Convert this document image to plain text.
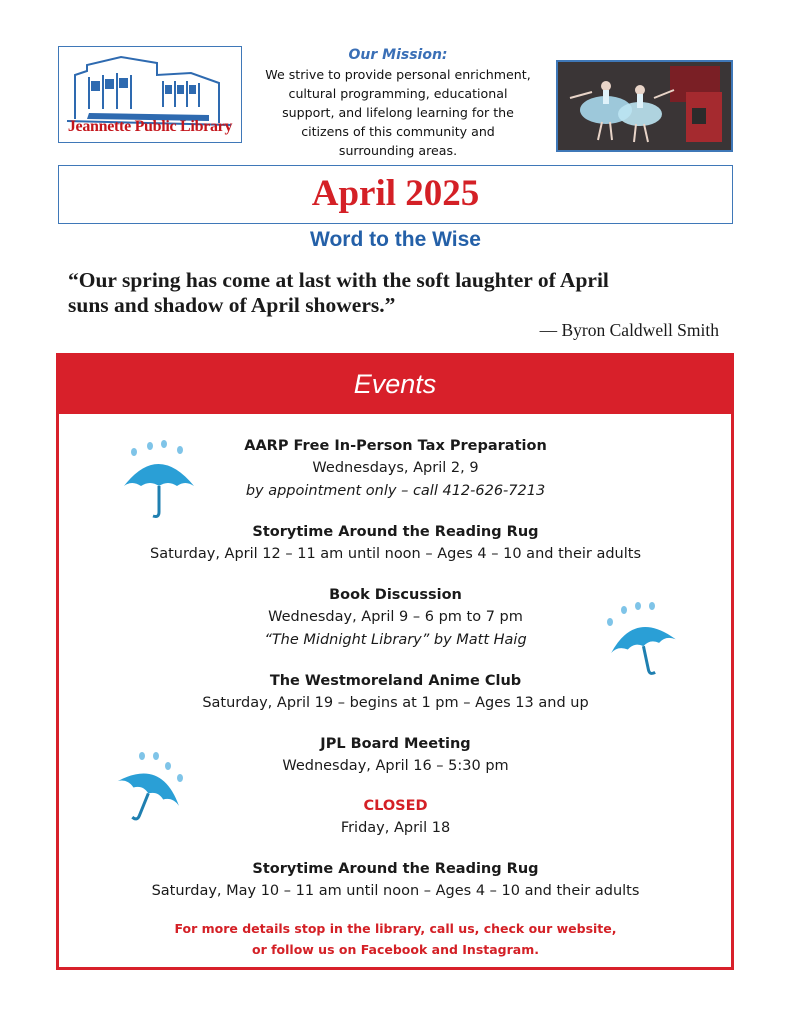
Jeannette Public Library
Our Mission:
We strive to provide personal enrichment,
cultural programming, educational
support, and lifelong learning for the
citizens of this community and
surrounding areas.
April 2025
Word to the Wise
“Our spring has come at last with the soft laughter of April
suns and shadow of April showers.”
— Byron Caldwell Smith
Events
AARP Free In-Person Tax Preparation
Wednesdays, April 2, 9
by appointment only – call 412-626-7213
Storytime Around the Reading Rug
Saturday, April 12 – 11 am until noon – Ages 4 – 10 and their adults
Book Discussion
Wednesday, April 9 – 6 pm to 7 pm
“The Midnight Library” by Matt Haig
The Westmoreland Anime Club
Saturday, April 19 – begins at 1 pm – Ages 13 and up
JPL Board Meeting
Wednesday, April 16 – 5:30 pm
CLOSED
Friday, April 18
Storytime Around the Reading Rug
Saturday, May 10 – 11 am until noon – Ages 4 – 10 and their adults
For more details stop in the library, call us, check our website,
or follow us on Facebook and Instagram.
